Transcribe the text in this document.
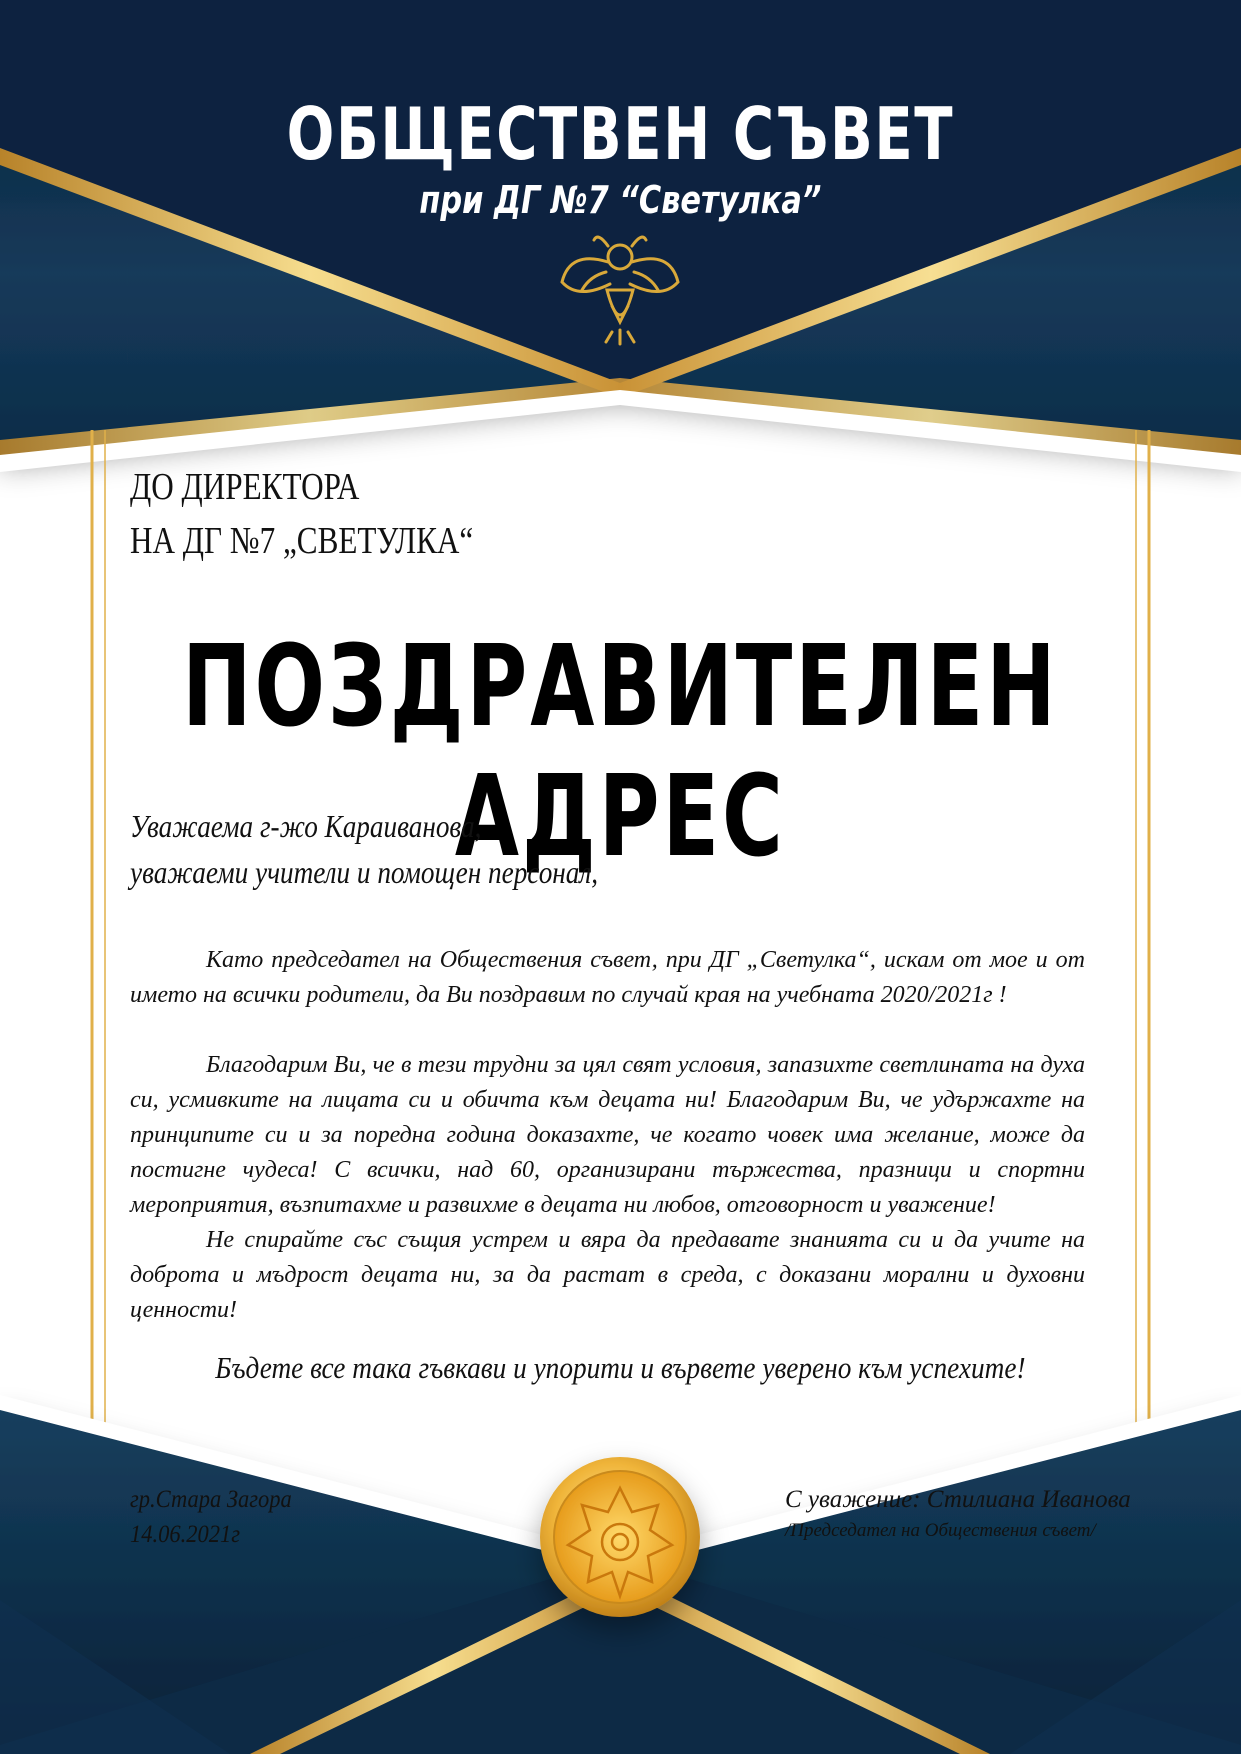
ОБЩЕСТВЕН СЪВЕТ
при ДГ №7 “Светулка”
ДО ДИРЕКТОРА
НА ДГ №7 „СВЕТУЛКА“
ПОЗДРАВИТЕЛЕН АДРЕС
Уважаема г-жо Караиванова,
уважаеми учители и помощен персонал,

Като председател на Обществения съвет, при ДГ „Светулка“, искам от мое и от името на всички родители, да Ви поздравим по случай края на учебната 2020/2021г !

Благодарим Ви, че в тези трудни за цял свят условия, запазихте светлината на духа си, усмивките на лицата си и обичта към децата ни! Благодарим Ви, че удържахте на принципите си и за поредна година доказахте, че когато човек има желание, може да постигне чудеса! С всички, над 60, организирани тържества, празници и спортни мероприятия, възпитахме и развихме в децата ни любов, отговорност и уважение!

Не спирайте със същия устрем и вяра да предавате знанията си и да учите на доброта и мъдрост децата ни, за да растат в среда, с доказани морални и духовни ценности!

Бъдете все така гъвкави и упорити и вървете уверено към успехите!
гр.Стара Загора
14.06.2021г
С уважение: Стилиана Иванова
/Председател на Обществения съвет/
